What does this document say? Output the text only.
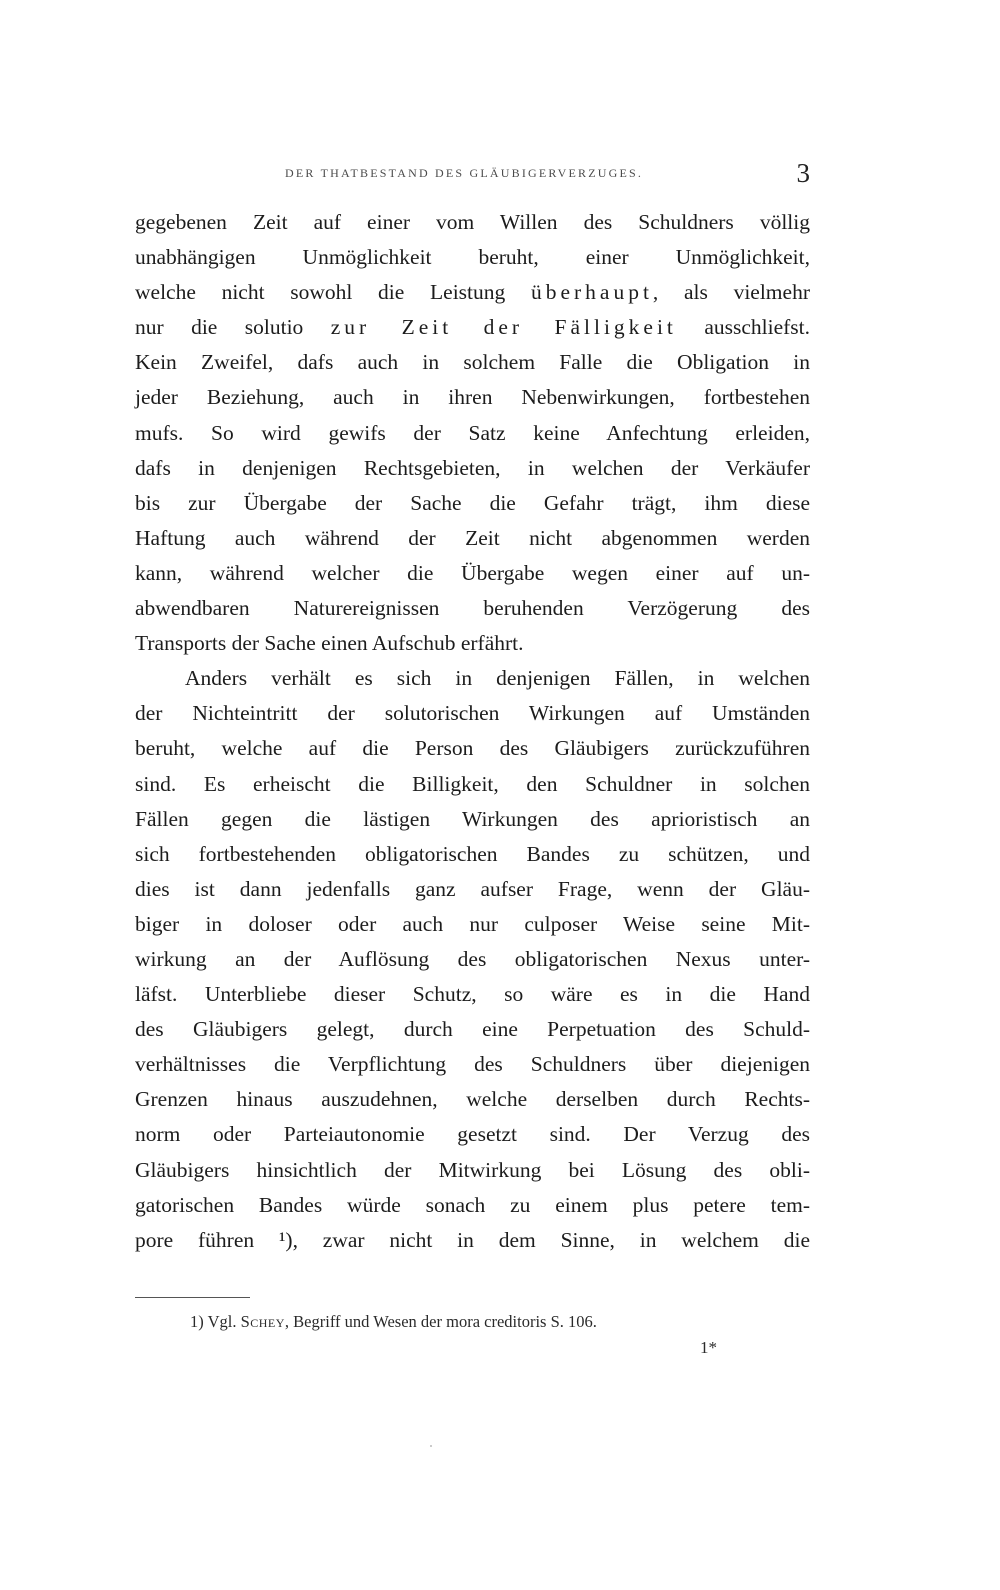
DER THATBESTAND DES GLÄUBIGERVERZUGES.	3
gegebenen Zeit auf einer vom Willen des Schuldners völlig
unabhängigen Unmöglichkeit beruht, einer Unmöglichkeit,
welche nicht sowohl die Leistung überhaupt, als vielmehr
nur die solutio zur Zeit der Fälligkeit ausschliefst.
Kein Zweifel, dafs auch in solchem Falle die Obligation in
jeder Beziehung, auch in ihren Nebenwirkungen, fortbestehen
mufs. So wird gewifs der Satz keine Anfechtung erleiden,
dafs in denjenigen Rechtsgebieten, in welchen der Verkäufer
bis zur Übergabe der Sache die Gefahr trägt, ihm diese
Haftung auch während der Zeit nicht abgenommen werden
kann, während welcher die Übergabe wegen einer auf un-
abwendbaren Naturereignissen beruhenden Verzögerung des
Transports der Sache einen Aufschub erfährt.
Anders verhält es sich in denjenigen Fällen, in welchen
der Nichteintritt der solutorischen Wirkungen auf Umständen
beruht, welche auf die Person des Gläubigers zurückzuführen
sind. Es erheischt die Billigkeit, den Schuldner in solchen
Fällen gegen die lästigen Wirkungen des aprioristisch an
sich fortbestehenden obligatorischen Bandes zu schützen, und
dies ist dann jedenfalls ganz aufser Frage, wenn der Gläu-
biger in doloser oder auch nur culposer Weise seine Mit-
wirkung an der Auflösung des obligatorischen Nexus unter-
läfst. Unterbliebe dieser Schutz, so wäre es in die Hand
des Gläubigers gelegt, durch eine Perpetuation des Schuld-
verhältnisses die Verpflichtung des Schuldners über diejenigen
Grenzen hinaus auszudehnen, welche derselben durch Rechts-
norm oder Parteiautonomie gesetzt sind. Der Verzug des
Gläubigers hinsichtlich der Mitwirkung bei Lösung des obli-
gatorischen Bandes würde sonach zu einem plus petere tem-
pore führen ¹), zwar nicht in dem Sinne, in welchem die
1) Vgl. Schey, Begriff und Wesen der mora creditoris S. 106.
1*
